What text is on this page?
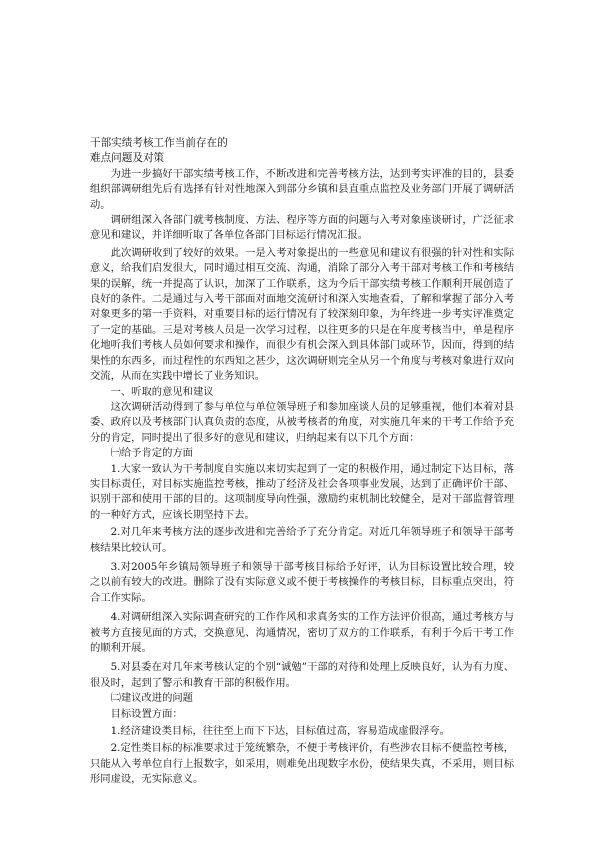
干部实绩考核工作当前存在的

难点问题及对策

为进一步搞好干部实绩考核工作，不断改进和完善考核方法，达到考实评准的目的，县委组织部调研组先后有选择有针对性地深入到部分乡镇和县直重点监控及业务部门开展了调研活动。

调研组深入各部门就考核制度、方法、程序等方面的问题与入考对象座谈研讨，广泛征求意见和建议，并详细听取了各单位各部门目标运行情况汇报。

此次调研收到了较好的效果。一是入考对象提出的一些意见和建议有很强的针对性和实际意义，给我们启发很大，同时通过相互交流、沟通，消除了部分入考干部对考核工作和考核结果的误解，统一并提高了认识，加深了工作联系，这为今后干部实绩考核工作顺利开展创造了良好的条件。二是通过与入考干部面对面地交流研讨和深入实地查看，了解和掌握了部分入考对象更多的第一手资料，对重要目标的运行情况有了较深刻印象，为年终进一步考实评准奠定了一定的基础。三是对考核人员是一次学习过程，以往更多的只是在年度考核当中，单是程序化地听我们考核人员如何要求和操作，而很少有机会深入到具体部门或环节，因而，得到的结果性的东西多，而过程性的东西知之甚少，这次调研则完全从另一个角度与考核对象进行双向交流，从而在实践中增长了业务知识。

一、听取的意见和建议

这次调研活动得到了参与单位与单位领导班子和参加座谈人员的足够重视，他们本着对县委、政府以及考核部门认真负责的态度，从被考核者的角度，对实施几年来的干考工作给予充分的肯定，同时提出了很多好的意见和建议，归纳起来有以下几个方面：

㈠给予肯定的方面

1.大家一致认为干考制度自实施以来切实起到了一定的积极作用，通过制定下达目标，落实目标责任，对目标实施监控考核，推动了经济及社会各项事业发展，达到了正确评价干部、识别干部和使用干部的目的。这项制度导向性强，激励约束机制比较健全，是对干部监督管理的一种好方式，应该长期坚持下去。

2.对几年来考核方法的逐步改进和完善给予了充分肯定。对近几年领导班子和领导干部考核结果比较认可。

3.对2005年乡镇局领导班子和领导干部考核目标给予好评，认为目标设置比较合理，较之以前有较大的改进。删除了没有实际意义或不便于考核操作的考核目标，目标重点突出，符合工作实际。

4.对调研组深入实际调查研究的工作作风和求真务实的工作方法评价很高，通过考核方与被考方直接见面的方式，交换意见、沟通情况，密切了双方的工作联系，有利于今后干考工作的顺利开展。

5.对县委在对几年来考核认定的个别“诚勉”干部的对待和处理上反映良好，认为有力度、很及时，起到了警示和教育干部的积极作用。

㈡建议改进的问题

目标设置方面：

1.经济建设类目标，往往至上而下下达，目标值过高，容易造成虚假浮夸。

2.定性类目标的标准要求过于笼统繁杂，不便于考核评价，有些涉农目标不便监控考核，只能从入考单位自行上报数字，如采用，则难免出现数字水份，使结果失真，不采用，则目标形同虚设，无实际意义。
